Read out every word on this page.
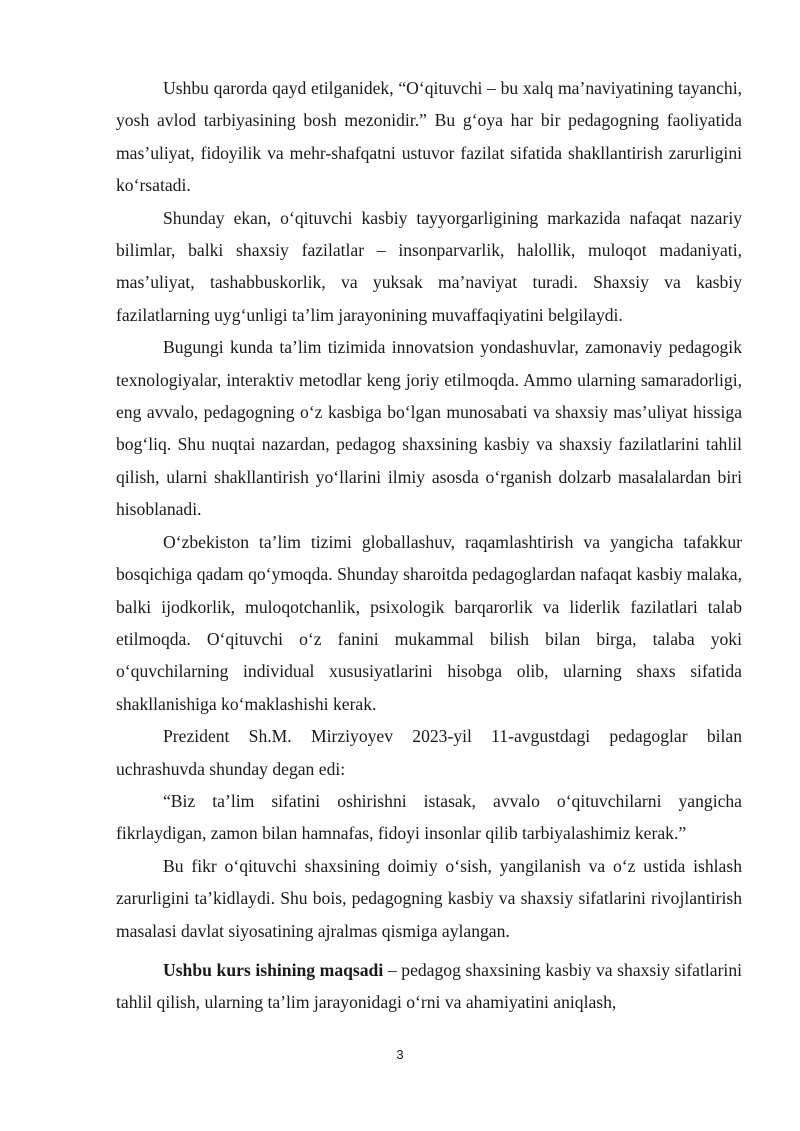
Ushbu qarorda qayd etilganidek, “O‘qituvchi – bu xalq ma’naviyatining tayanchi, yosh avlod tarbiyasining bosh mezonidir.” Bu g‘oya har bir pedagogning faoliyatida mas’uliyat, fidoyilik va mehr-shafqatni ustuvor fazilat sifatida shakllantirish zarurligini ko‘rsatadi.

Shunday ekan, o‘qituvchi kasbiy tayyorgarligining markazida nafaqat nazariy bilimlar, balki shaxsiy fazilatlar – insonparvarlik, halollik, muloqot madaniyati, mas’uliyat, tashabbuskorlik, va yuksak ma’naviyat turadi. Shaxsiy va kasbiy fazilatlarning uyg‘unligi ta’lim jarayonining muvaffaqiyatini belgilaydi.

Bugungi kunda ta’lim tizimida innovatsion yondashuvlar, zamonaviy pedagogik texnologiyalar, interaktiv metodlar keng joriy etilmoqda. Ammo ularning samaradorligi, eng avvalo, pedagogning o‘z kasbiga bo‘lgan munosabati va shaxsiy mas’uliyat hissiga bog‘liq. Shu nuqtai nazardan, pedagog shaxsining kasbiy va shaxsiy fazilatlarini tahlil qilish, ularni shakllantirish yo‘llarini ilmiy asosda o‘rganish dolzarb masalalardan biri hisoblanadi.

O‘zbekiston ta’lim tizimi globallashuv, raqamlashtirish va yangicha tafakkur bosqichiga qadam qo‘ymoqda. Shunday sharoitda pedagoglardan nafaqat kasbiy malaka, balki ijodkorlik, muloqotchanlik, psixologik barqarorlik va liderlik fazilatlari talab etilmoqda. O‘qituvchi o‘z fanini mukammal bilish bilan birga, talaba yoki o‘quvchilarning individual xususiyatlarini hisobga olib, ularning shaxs sifatida shakllanishiga ko‘maklashishi kerak.

Prezident Sh.M. Mirziyoyev 2023-yil 11-avgustdagi pedagoglar bilan uchrashuvda shunday degan edi:

“Biz ta’lim sifatini oshirishni istasak, avvalo o‘qituvchilarni yangicha fikrlaydigan, zamon bilan hamnafas, fidoyi insonlar qilib tarbiyalashimiz kerak.”

Bu fikr o‘qituvchi shaxsining doimiy o‘sish, yangilanish va o‘z ustida ishlash zarurligini ta’kidlaydi. Shu bois, pedagogning kasbiy va shaxsiy sifatlarini rivojlantirish masalasi davlat siyosatining ajralmas qismiga aylangan.

Ushbu kurs ishining maqsadi – pedagog shaxsining kasbiy va shaxsiy sifatlarini tahlil qilish, ularning ta’lim jarayonidagi o‘rni va ahamiyatini aniqlash,

3
